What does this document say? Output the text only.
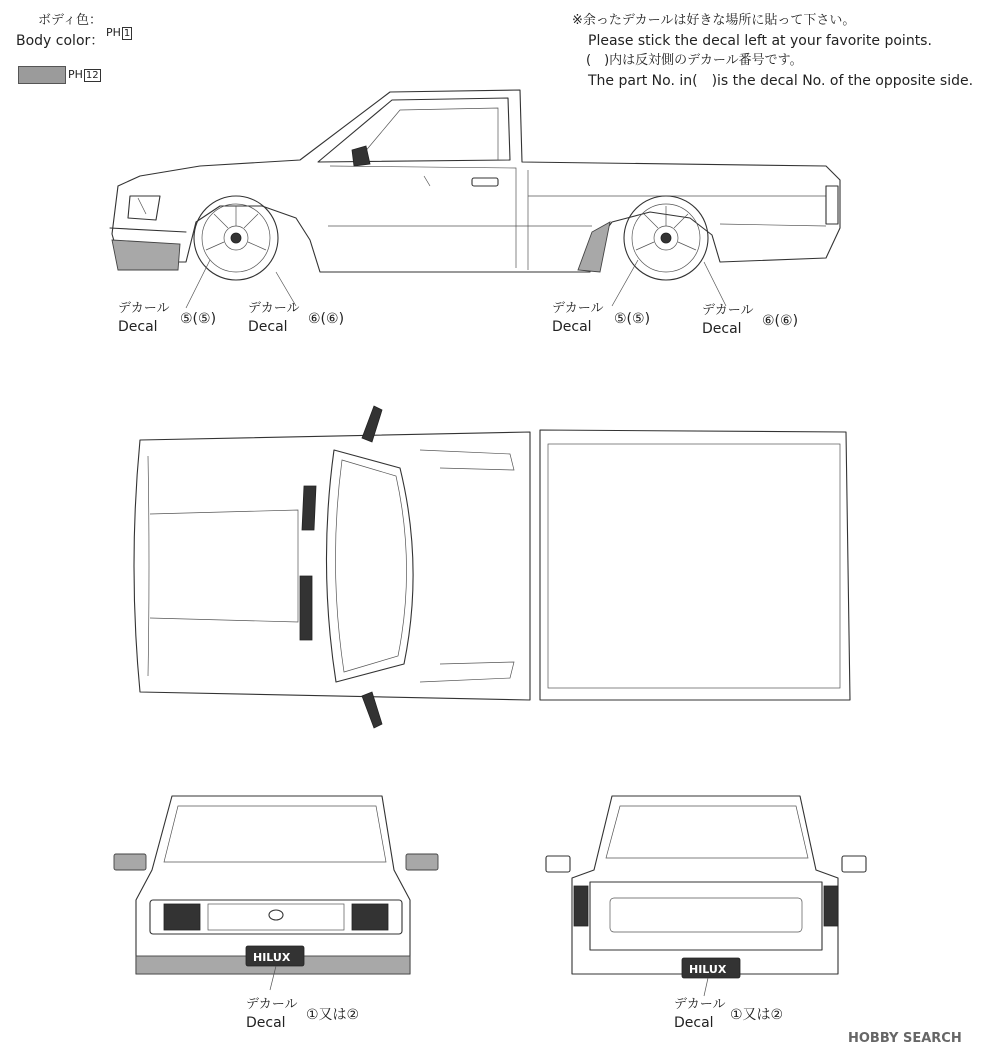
ボディ色：
Body color：
PH 1
PH 12
※余ったデカールは好きな場所に貼って下さい。
Please stick the decal left at your favorite points.
(　)内は反対側のデカール番号です。
The part No. in(　)is the decal No. of the opposite side.
HILUX
HILUX
HOBBY SEARCH
デカール
Decal ⑤(⑤)
デカール
Decal ⑥(⑥)
デカール
Decal ⑤(⑤)
デカール
Decal ⑥(⑥)
デカール
Decal ①又は②
デカール
Decal ①又は②
